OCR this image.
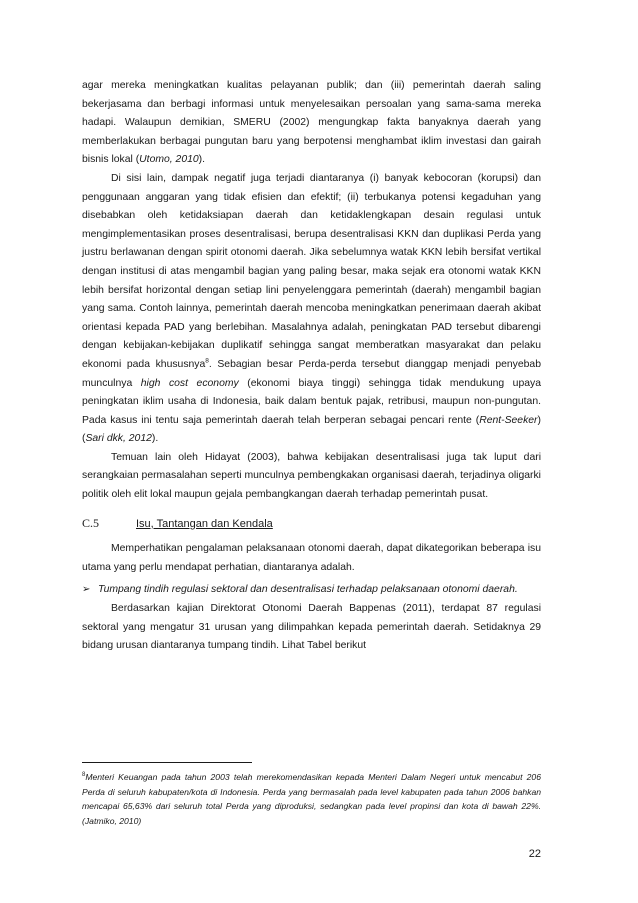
agar mereka meningkatkan kualitas pelayanan publik; dan (iii) pemerintah daerah saling bekerjasama dan berbagi informasi untuk menyelesaikan persoalan yang sama-sama mereka hadapi. Walaupun demikian, SMERU (2002) mengungkap fakta banyaknya daerah yang memberlakukan berbagai pungutan baru yang berpotensi menghambat iklim investasi dan gairah bisnis lokal (Utomo, 2010).

Di sisi lain, dampak negatif juga terjadi diantaranya (i) banyak kebocoran (korupsi) dan penggunaan anggaran yang tidak efisien dan efektif; (ii) terbukanya potensi kegaduhan yang disebabkan oleh ketidaksiapan daerah dan ketidaklengkapan desain regulasi untuk mengimplementasikan proses desentralisasi, berupa desentralisasi KKN dan duplikasi Perda yang justru berlawanan dengan spirit otonomi daerah. Jika sebelumnya watak KKN lebih bersifat vertikal dengan institusi di atas mengambil bagian yang paling besar, maka sejak era otonomi watak KKN lebih bersifat horizontal dengan setiap lini penyelenggara pemerintah (daerah) mengambil bagian yang sama. Contoh lainnya, pemerintah daerah mencoba meningkatkan penerimaan daerah akibat orientasi kepada PAD yang berlebihan. Masalahnya adalah, peningkatan PAD tersebut dibarengi dengan kebijakan-kebijakan duplikatif sehingga sangat memberatkan masyarakat dan pelaku ekonomi pada khususnya$^8$. Sebagian besar Perda-perda tersebut dianggap menjadi penyebab munculnya high cost economy (ekonomi biaya tinggi) sehingga tidak mendukung upaya peningkatan iklim usaha di Indonesia, baik dalam bentuk pajak, retribusi, maupun non-pungutan. Pada kasus ini tentu saja pemerintah daerah telah berperan sebagai pencari rente (Rent-Seeker) (Sari dkk, 2012).

Temuan lain oleh Hidayat (2003), bahwa kebijakan desentralisasi juga tak luput dari serangkaian permasalahan seperti munculnya pembengkakan organisasi daerah, terjadinya oligarki politik oleh elit lokal maupun gejala pembangkangan daerah terhadap pemerintah pusat.

C.5	Isu, Tantangan dan Kendala

Memperhatikan pengalaman pelaksanaan otonomi daerah, dapat dikategorikan beberapa isu utama yang perlu mendapat perhatian, diantaranya adalah.

➢ Tumpang tindih regulasi sektoral dan desentralisasi terhadap pelaksanaan otonomi daerah.

Berdasarkan kajian Direktorat Otonomi Daerah Bappenas (2011), terdapat 87 regulasi sektoral yang mengatur 31 urusan yang dilimpahkan kepada pemerintah daerah. Setidaknya 29 bidang urusan diantaranya tumpang tindih. Lihat Tabel berikut

$^8$Menteri Keuangan pada tahun 2003 telah merekomendasikan kepada Menteri Dalam Negeri untuk mencabut 206 Perda di seluruh kabupaten/kota di Indonesia. Perda yang bermasalah pada level kabupaten pada tahun 2006 bahkan mencapai 65,63% dari seluruh total Perda yang diproduksi, sedangkan pada level propinsi dan kota di bawah 22%. (Jatmiko, 2010)
22
